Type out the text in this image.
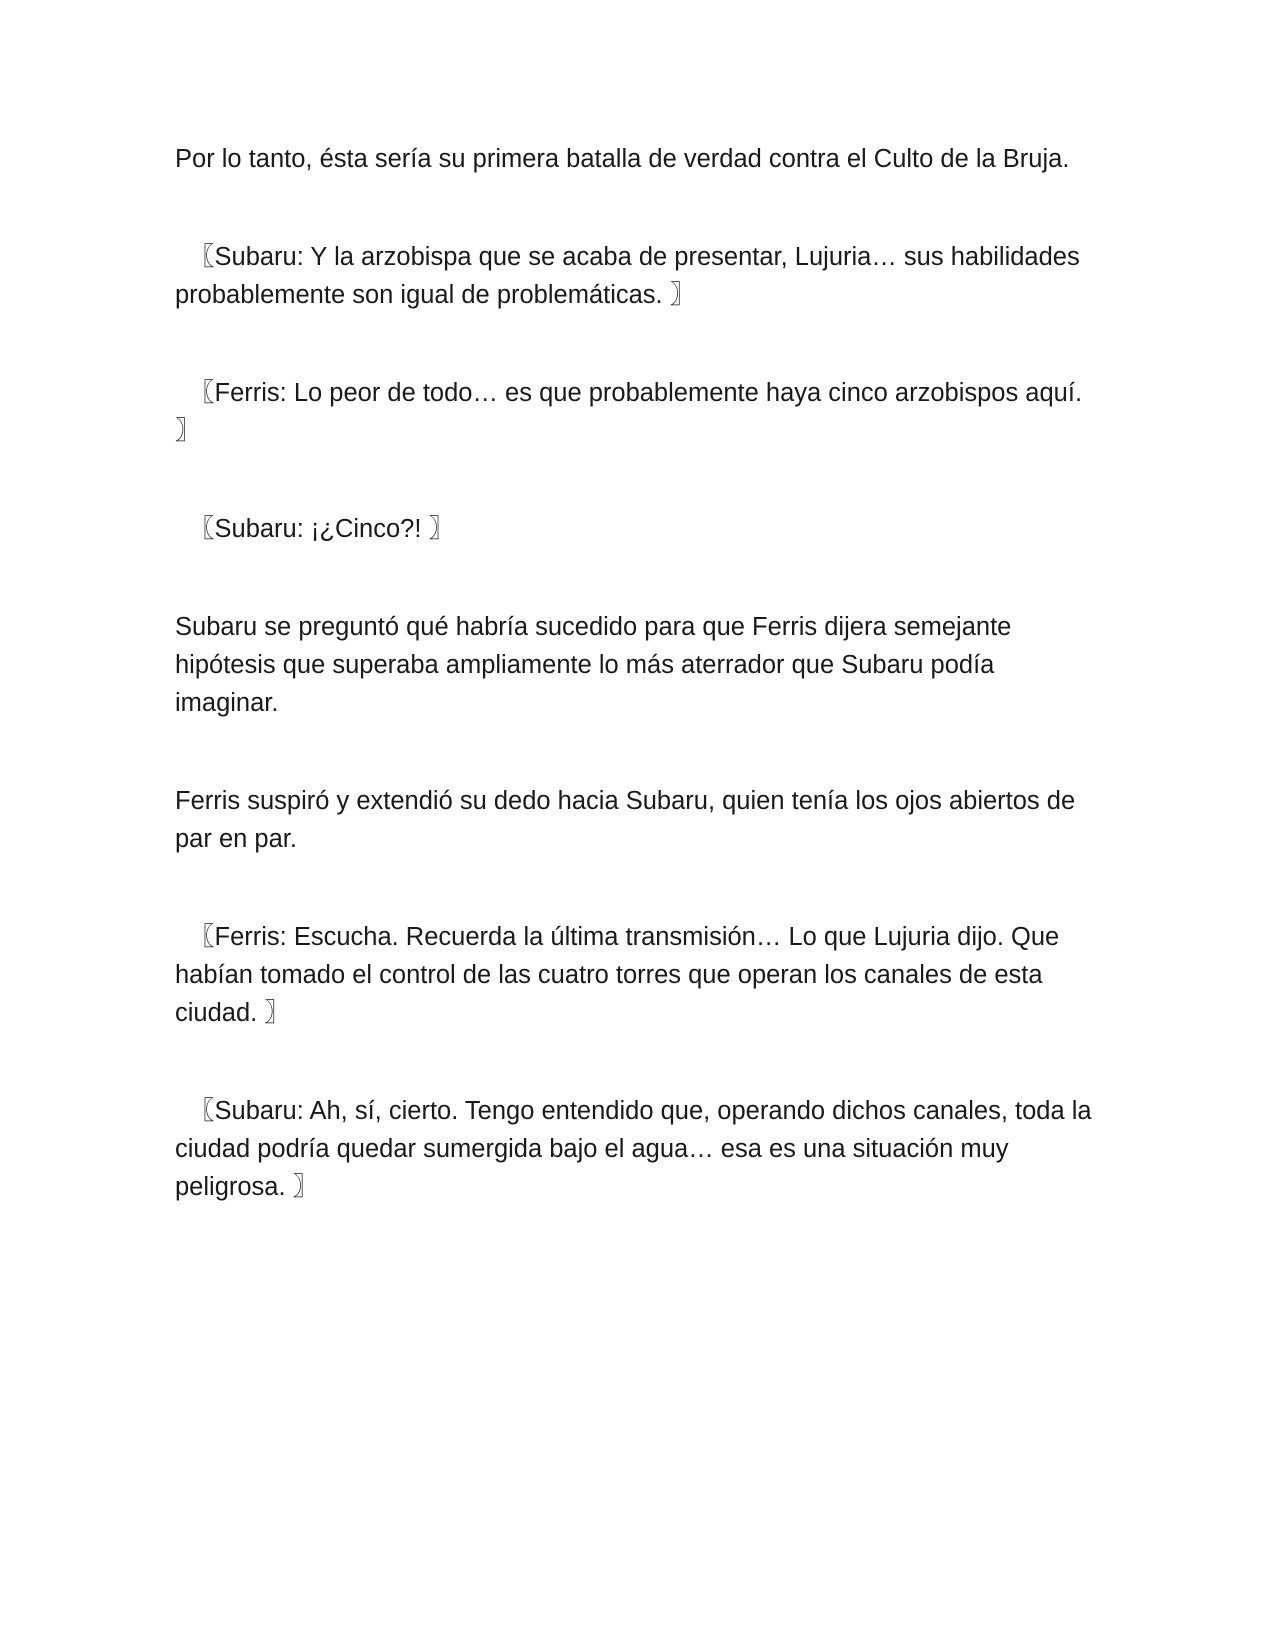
Por lo tanto, ésta sería su primera batalla de verdad contra el Culto de la Bruja.

〖Subaru: Y la arzobispa que se acaba de presentar, Lujuria… sus habilidades probablemente son igual de problemáticas. 〗

〖Ferris: Lo peor de todo… es que probablemente haya cinco arzobispos aquí. 〗

〖Subaru: ¡¿Cinco?! 〗

Subaru se preguntó qué habría sucedido para que Ferris dijera semejante hipótesis que superaba ampliamente lo más aterrador que Subaru podía imaginar.

Ferris suspiró y extendió su dedo hacia Subaru, quien tenía los ojos abiertos de par en par.

〖Ferris: Escucha. Recuerda la última transmisión… Lo que Lujuria dijo. Que habían tomado el control de las cuatro torres que operan los canales de esta ciudad. 〗

〖Subaru: Ah, sí, cierto. Tengo entendido que, operando dichos canales, toda la ciudad podría quedar sumergida bajo el agua… esa es una situación muy peligrosa. 〗
